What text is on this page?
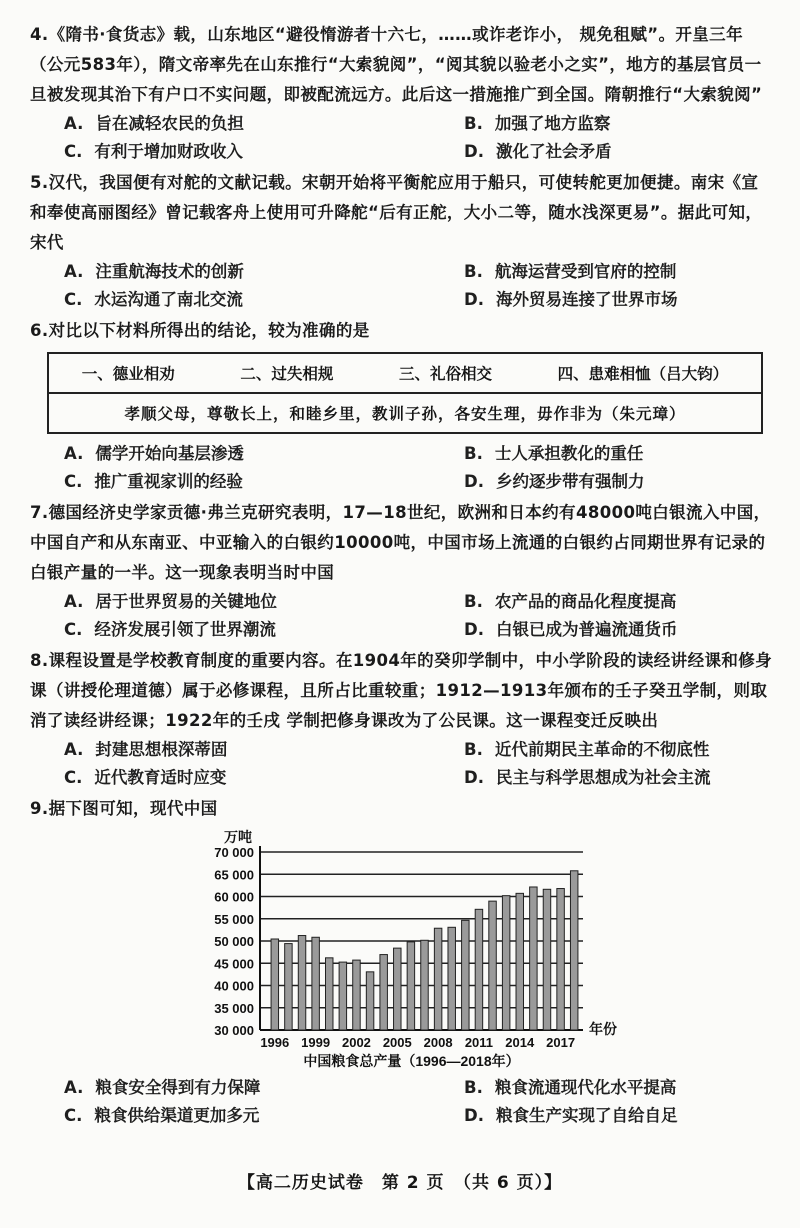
4.《隋书·食货志》载，山东地区“避役惰游者十六七，……或诈老诈小， 规免租赋”。开皇三年（公元583年），隋文帝率先在山东推行“大索貌阅”，“阅其貌以验老小之实”，地方的基层官员一旦被发现其治下有户口不实问题，即被配流远方。此后这一措施推广到全国。隋朝推行“大索貌阅”
A. 旨在减轻农民的负担	B. 加强了地方监察
C. 有利于增加财政收入	D. 激化了社会矛盾
5.汉代，我国便有对舵的文献记载。宋朝开始将平衡舵应用于船只，可使转舵更加便捷。南宋《宣和奉使高丽图经》曾记载客舟上使用可升降舵“后有正舵，大小二等，随水浅深更易”。据此可知，宋代
A. 注重航海技术的创新	B. 航海运营受到官府的控制
C. 水运沟通了南北交流	D. 海外贸易连接了世界市场
6.对比以下材料所得出的结论，较为准确的是
一、德业相劝	二、过失相规	三、礼俗相交	四、患难相恤（吕大钧）
孝顺父母，尊敬长上，和睦乡里，教训子孙，各安生理，毋作非为（朱元璋）
A. 儒学开始向基层渗透	B. 士人承担教化的重任
C. 推广重视家训的经验	D. 乡约逐步带有强制力
7.德国经济史学家贡德·弗兰克研究表明，17—18世纪，欧洲和日本约有48000吨白银流入中国，中国自产和从东南亚、中亚输入的白银约10000吨，中国市场上流通的白银约占同期世界有记录的白银产量的一半。这一现象表明当时中国
A. 居于世界贸易的关键地位	B. 农产品的商品化程度提高
C. 经济发展引领了世界潮流	D. 白银已成为普遍流通货币
8.课程设置是学校教育制度的重要内容。在1904年的癸卯学制中，中小学阶段的读经讲经课和修身课（讲授伦理道德）属于必修课程，且所占比重较重；1912—1913年颁布的壬子癸丑学制，则取消了读经讲经课；1922年的壬戌 学制把修身课改为了公民课。这一课程变迁反映出
A. 封建思想根深蒂固	B. 近代前期民主革命的不彻底性
C. 近代教育适时应变	D. 民主与科学思想成为社会主流
9.据下图可知，现代中国
30 000
35 000
40 000
45 000
50 000
55 000
60 000
65 000
70 000
万吨
年份
1996 1999 2002 2005 2008 2011 2014 2017
中国粮食总产量（1996—2018年）
A. 粮食安全得到有力保障	B. 粮食流通现代化水平提高
C. 粮食供给渠道更加多元	D. 粮食生产实现了自给自足
【高二历史试卷　第 2 页　（共 6 页）】
